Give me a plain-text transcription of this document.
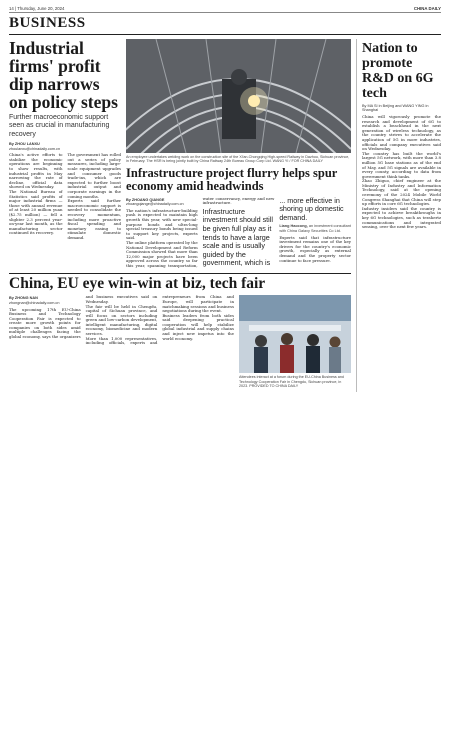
14 | Thursday, June 20, 2024	CHINA DAILY
BUSINESS
Industrial firms' profit dip narrows on policy steps

Further macroeconomic support seen as crucial in manufacturing recovery

By ZHOU LANXU
zhoulanxu@chinadaily.com.cn

China's active efforts to stabilize the economic operations are beginning to show results, with industrial profits in May narrowing the rate of decline, official data showed on Wednesday.

The National Bureau of Statistics said profits of major industrial firms — those with annual revenue of at least 20 million yuan ($2.75 million) — fell a slighter 2.3 percent year-on-year last month, as the manufacturing sector continued its recovery.

The government has rolled out a series of policy measures, including large-scale equipment upgrades and consumer goods trade-ins, which are expected to further boost industrial output and corporate earnings in the coming months.

Experts said further macroeconomic support is needed to consolidate the recovery momentum, including more proactive fiscal spending and monetary easing to stimulate domestic demand.

An employee undertakes welding work on the construction site of the Xi'an-Chongqing High-speed Railway in Dazhou, Sichuan province, in February. The HSR is being jointly built by China Railway 24th Bureau Group Corp Ltd. WANG YI / FOR CHINA DAILY
Infrastructure project flurry helps spur economy amid headwinds
By ZHOANG QIANGE
zhoangqiange@chinadaily.com.cn

The nation's infrastructure-building push is expected to maintain high growth this year, with new special-purpose bonds and ultra-long special treasury bonds being issued to support key projects, experts said.

The online platform operated by the National Development and Reform Commission showed that more than 12,000 major projects have been approved across the country so far this year, spanning transportation, water conservancy, energy and new infrastructure.

Infrastructure investment should still be given full play as it tends to have a large scale and is usually guided by the government, which is ... more effective in shoring up domestic demand.
Liang Haocong, an investment consultant with China Galaxy Securities Co Ltd.

Experts said that infrastructure investment remains one of the key drivers for the country's economic growth, especially as external demand and the property sector continue to face pressure.

China, EU eye win-win at biz, tech fair
By ZHONG NAN
zhongnan@chinadaily.com.cn

The upcoming 17th EU-China Business and Technology Cooperation Fair is expected to create more growth points for companies on both sides amid multiple challenges facing the global economy, says the organizers and business executives said on Wednesday.

The fair will be held in Chengdu, capital of Sichuan province, and will focus on sectors including green and low-carbon development, intelligent manufacturing, digital economy, biomedicine and modern services.

More than 1,000 representatives, including officials, experts and entrepreneurs from China and Europe, will participate in matchmaking sessions and business negotiations during the event.

Business leaders from both sides said deepening practical cooperation will help stabilize global industrial and supply chains and inject new impetus into the world economy.

Attendees interact at a forum during the EU-China Business and Technology Cooperation Fair in Chengdu, Sichuan province, in 2023. PROVIDED TO CHINA DAILY
Nation to promote R&D on 6G tech
By MA SI in Beijing and WANG YING in Shanghai

China will vigorously promote the research and development of 6G to establish a beachhead in the next generation of wireless technology, as the country strives to accelerate the application of 5G in more industries, officials and company executives said on Wednesday.

The country has built the world's largest 5G network, with more than 3.8 million 5G base stations as of the end of May, and 5G signals are available in every county, according to data from government think tanks.

Zhao Zhiguo, chief engineer at the Ministry of Industry and Information Technology, said at the opening ceremony of the 2024 Mobile World Congress Shanghai that China will step up efforts in core 6G technologies.

Industry insiders said the country is expected to achieve breakthroughs in key 6G technologies, such as terahertz communications and integrated sensing, over the next few years.
